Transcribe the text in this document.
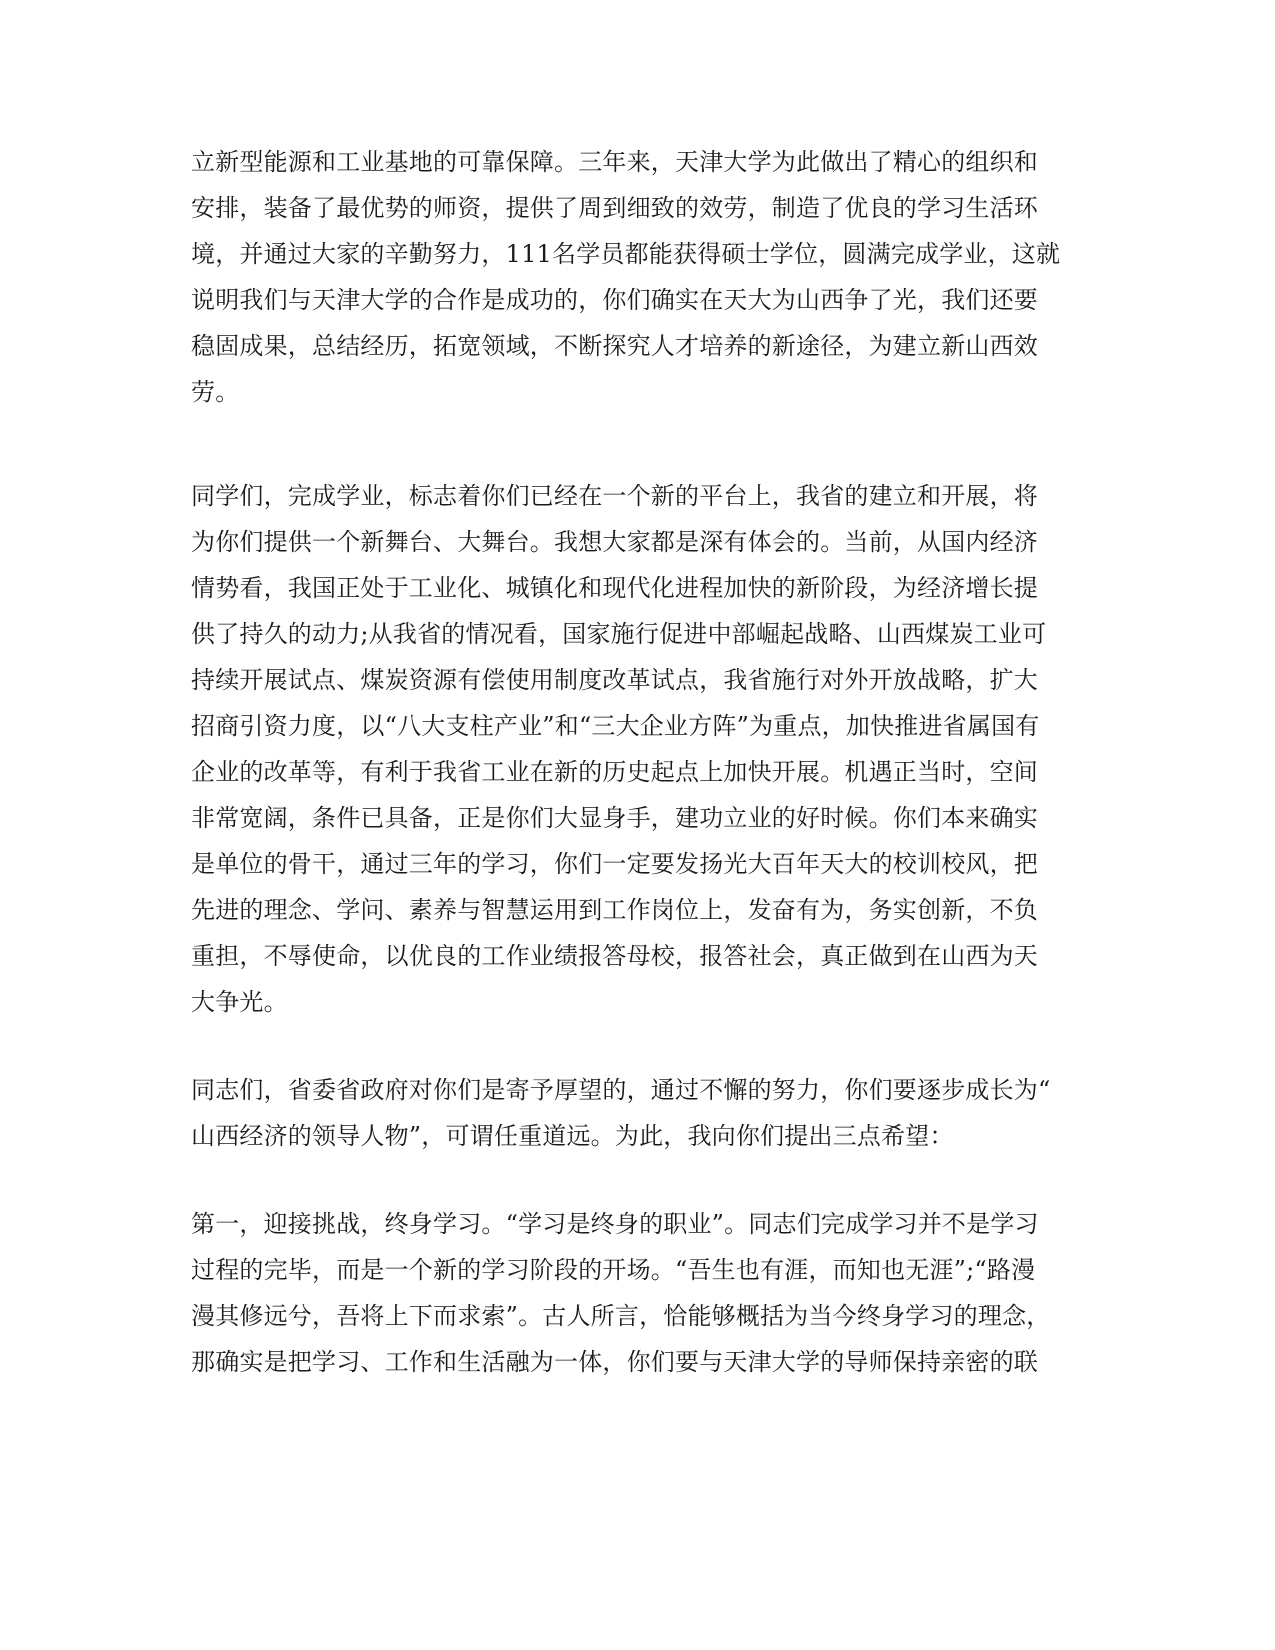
立新型能源和工业基地的可靠保障。三年来，天津大学为此做出了精心的组织和
安排，装备了最优势的师资，提供了周到细致的效劳，制造了优良的学习生活环
境，并通过大家的辛勤努力，111名学员都能获得硕士学位，圆满完成学业，这就
说明我们与天津大学的合作是成功的，你们确实在天大为山西争了光，我们还要
稳固成果，总结经历，拓宽领域，不断探究人才培养的新途径，为建立新山西效
劳。
同学们，完成学业，标志着你们已经在一个新的平台上，我省的建立和开展，将
为你们提供一个新舞台、大舞台。我想大家都是深有体会的。当前，从国内经济
情势看，我国正处于工业化、城镇化和现代化进程加快的新阶段，为经济增长提
供了持久的动力;从我省的情况看，国家施行促进中部崛起战略、山西煤炭工业可
持续开展试点、煤炭资源有偿使用制度改革试点，我省施行对外开放战略，扩大
招商引资力度，以“八大支柱产业”和“三大企业方阵”为重点，加快推进省属国有
企业的改革等，有利于我省工业在新的历史起点上加快开展。机遇正当时，空间
非常宽阔，条件已具备，正是你们大显身手，建功立业的好时候。你们本来确实
是单位的骨干，通过三年的学习，你们一定要发扬光大百年天大的校训校风，把
先进的理念、学问、素养与智慧运用到工作岗位上，发奋有为，务实创新，不负
重担，不辱使命，以优良的工作业绩报答母校，报答社会，真正做到在山西为天
大争光。
同志们，省委省政府对你们是寄予厚望的，通过不懈的努力，你们要逐步成长为“
山西经济的领导人物”，可谓任重道远。为此，我向你们提出三点希望：
第一，迎接挑战，终身学习。“学习是终身的职业”。同志们完成学习并不是学习
过程的完毕，而是一个新的学习阶段的开场。“吾生也有涯，而知也无涯”;“路漫
漫其修远兮，吾将上下而求索”。古人所言，恰能够概括为当今终身学习的理念，
那确实是把学习、工作和生活融为一体，你们要与天津大学的导师保持亲密的联
